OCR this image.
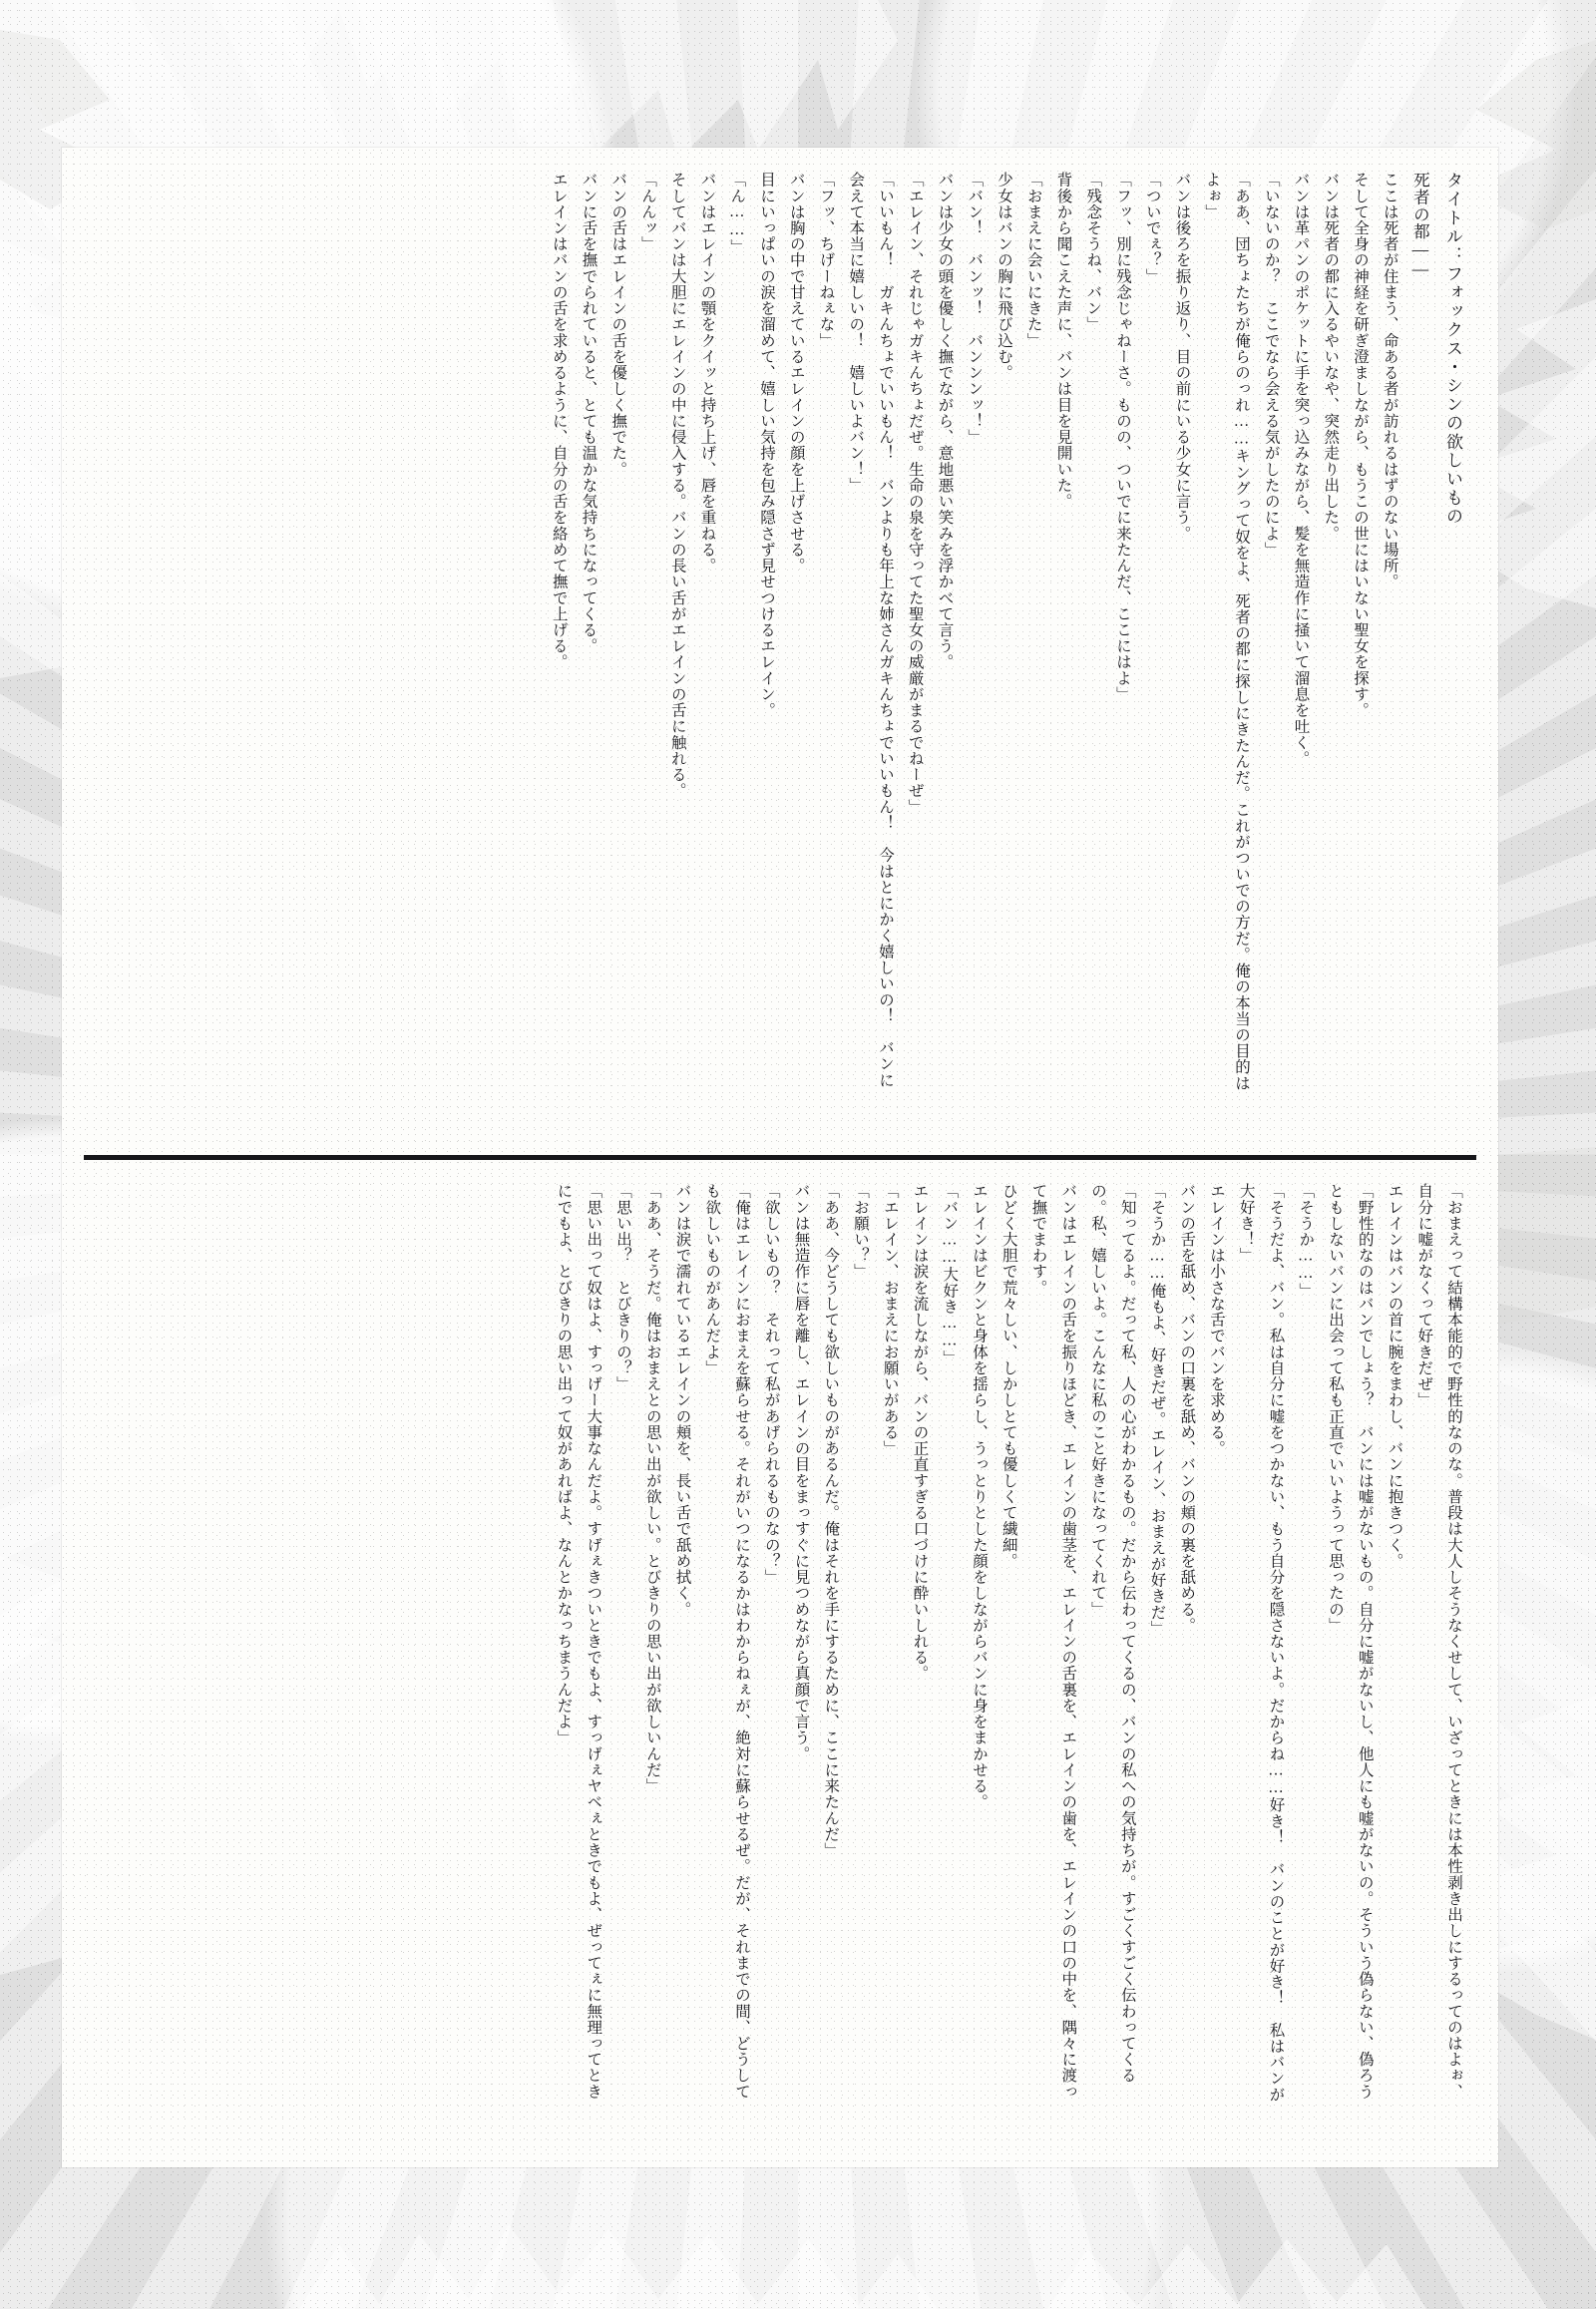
タイトル：フォックス・シンの欲しいもの
死者の都——
ここは死者が住まう、命ある者が訪れるはずのない場所。
そして全身の神経を研ぎ澄ましながら、もうこの世にはいない聖女を探す。
バンは死者の都に入るやいなや、突然走り出した。
バンは革パンのポケットに手を突っ込みながら、髪を無造作に掻いて溜息を吐く。
「いないのか？　ここでなら会える気がしたのによ」
「ああ、団ちょたちが俺らのっれ……キングって奴をよ、死者の都に探しにきたんだ。これがついでの方だ。俺の本当の目的はよぉ」
バンは後ろを振り返り、目の前にいる少女に言う。
「ついでぇ？」
「フッ、別に残念じゃねーさ。ものの、ついでに来たんだ、ここにはよ」
「残念そうね、バン」
背後から聞こえた声に、バンは目を見開いた。
「おまえに会いにきた」
少女はバンの胸に飛び込む。
「バン！　バンッ！　バンンンッ！」
バンは少女の頭を優しく撫でながら、意地悪い笑みを浮かべて言う。
「エレイン、それじゃガキんちょだぜ。生命の泉を守ってた聖女の威厳がまるでねーぜ」
「いいもん！　ガキんちょでいいもん！　バンよりも年上な姉さんガキんちょでいいもん！　今はとにかく嬉しいの！　バンに会えて本当に嬉しいの！　嬉しいよバン！」
「フッ、ちげーねぇな」
バンは胸の中で甘えているエレインの顔を上げさせる。
目にいっぱいの涙を溜めて、嬉しい気持を包み隠さず見せつけるエレイン。
「ん……」
バンはエレインの顎をクイッと持ち上げ、唇を重ねる。
そしてバンは大胆にエレインの中に侵入する。バンの長い舌がエレインの舌に触れる。
「んんッ」
バンの舌はエレインの舌を優しく撫でた。
バンに舌を撫でられていると、とても温かな気持ちになってくる。
エレインはバンの舌を求めるように、自分の舌を絡めて撫で上げる。
「おまえって結構本能的で野性的なのな。普段は大人しそうなくせして、いざってときには本性剥き出しにするってのはよぉ、自分に嘘がなくって好きだぜ」
エレインはバンの首に腕をまわし、バンに抱きつく。
「野性的なのはバンでしょう？　バンには嘘がないもの。自分に嘘がないし、他人にも嘘がないの。そういう偽らない、偽ろうともしないバンに出会って私も正直でいいようって思ったの」
「そうか……」
「そうだよ、バン。私は自分に嘘をつかない、もう自分を隠さないよ。だからね……好き！　バンのことが好き！　私はバンが大好き！」
エレインは小さな舌でバンを求める。
バンの舌を舐め、バンの口裏を舐め、バンの頬の裏を舐める。
「そうか……俺もよ、好きだぜ。エレイン、おまえが好きだ」
「知ってるよ。だって私、人の心がわかるもの。だから伝わってくるの、バンの私への気持ちが。すごくすごく伝わってくるの。私、嬉しいよ。こんなに私のこと好きになってくれて」
バンはエレインの舌を振りほどき、エレインの歯茎を、エレインの舌裏を、エレインの歯を、エレインの口の中を、隅々に渡って撫でまわす。
ひどく大胆で荒々しい、しかしとても優しくて繊細。
エレインはビクンと身体を揺らし、うっとりとした顔をしながらバンに身をまかせる。
「バン……大好き……」
エレインは涙を流しながら、バンの正直すぎる口づけに酔いしれる。
「エレイン、おまえにお願いがある」
「お願い？」
「ああ、今どうしても欲しいものがあるんだ。俺はそれを手にするために、ここに来たんだ」
バンは無造作に唇を離し、エレインの目をまっすぐに見つめながら真顔で言う。
「欲しいもの？　それって私があげられるものなの？」
「俺はエレインにおまえを蘇らせる。それがいつになるかはわからねぇが、絶対に蘇らせるぜ。だが、それまでの間、どうしても欲しいものがあんだよ」
バンは涙で濡れているエレインの頬を、長い舌で舐め拭く。
「ああ、そうだ。俺はおまえとの思い出が欲しい。とびきりの思い出が欲しいんだ」
「思い出？　とびきりの？」
「思い出って奴はよ、すっげー大事なんだよ。すげぇきついときでもよ、すっげぇヤベぇときでもよ、ぜってぇに無理ってときにでもよ、とびきりの思い出って奴があればよ、なんとかなっちまうんだよ」
